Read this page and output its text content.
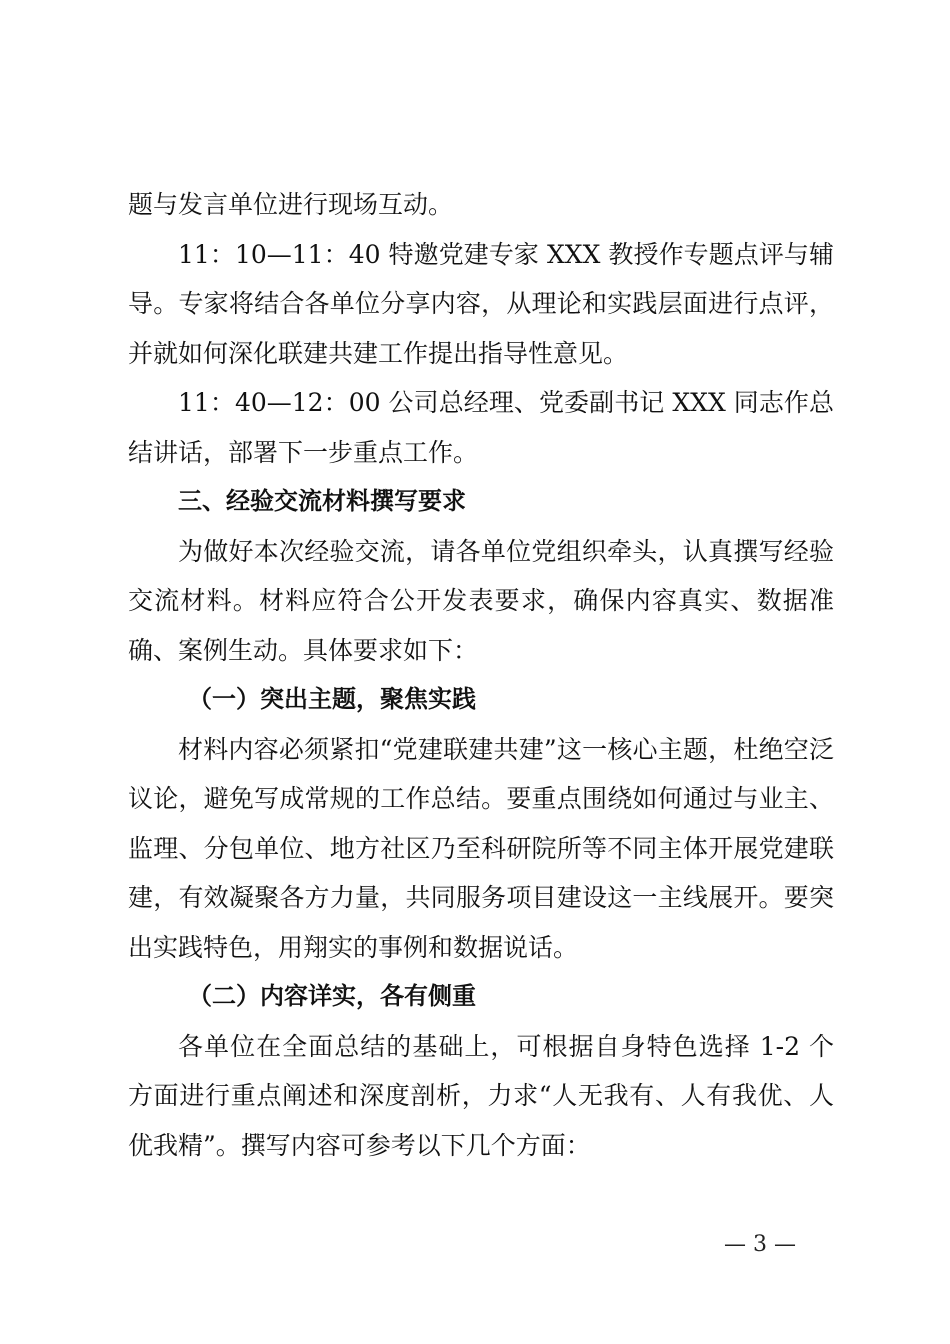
题与发言单位进行现场互动。

11：10—11：40 特邀党建专家 XXX 教授作专题点评与辅导。专家将结合各单位分享内容，从理论和实践层面进行点评，并就如何深化联建共建工作提出指导性意见。

11：40—12：00 公司总经理、党委副书记 XXX 同志作总结讲话，部署下一步重点工作。

三、经验交流材料撰写要求

为做好本次经验交流，请各单位党组织牵头，认真撰写经验交流材料。材料应符合公开发表要求，确保内容真实、数据准确、案例生动。具体要求如下：

（一）突出主题，聚焦实践

材料内容必须紧扣“党建联建共建”这一核心主题，杜绝空泛议论，避免写成常规的工作总结。要重点围绕如何通过与业主、监理、分包单位、地方社区乃至科研院所等不同主体开展党建联建，有效凝聚各方力量，共同服务项目建设这一主线展开。要突出实践特色，用翔实的事例和数据说话。

（二）内容详实，各有侧重

各单位在全面总结的基础上，可根据自身特色选择 1-2 个方面进行重点阐述和深度剖析，力求“人无我有、人有我优、人优我精”。撰写内容可参考以下几个方面：

— 3 —
